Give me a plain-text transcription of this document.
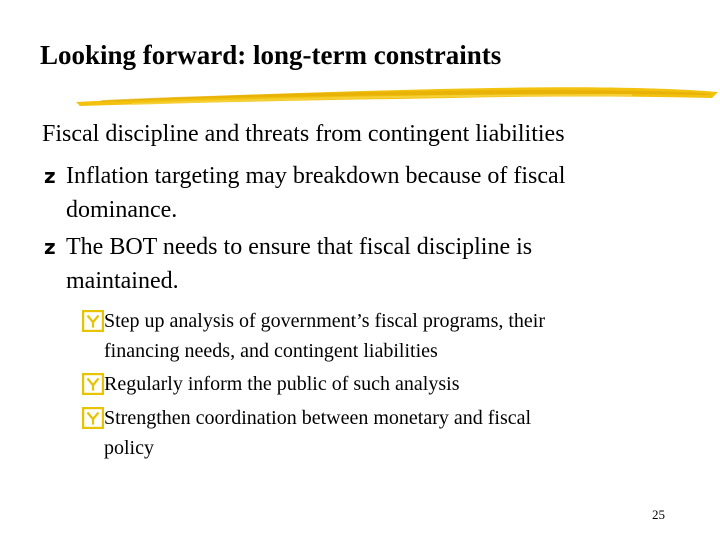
Looking forward: long-term constraints
Fiscal discipline and threats from contingent liabilities
z Inflation targeting may breakdown because of fiscal
dominance.
z The BOT needs to ensure that fiscal discipline is
maintained.
Step up analysis of government’s fiscal programs, their
financing needs, and contingent liabilities
Regularly inform the public of such analysis
Strengthen coordination between monetary and fiscal
policy
25
